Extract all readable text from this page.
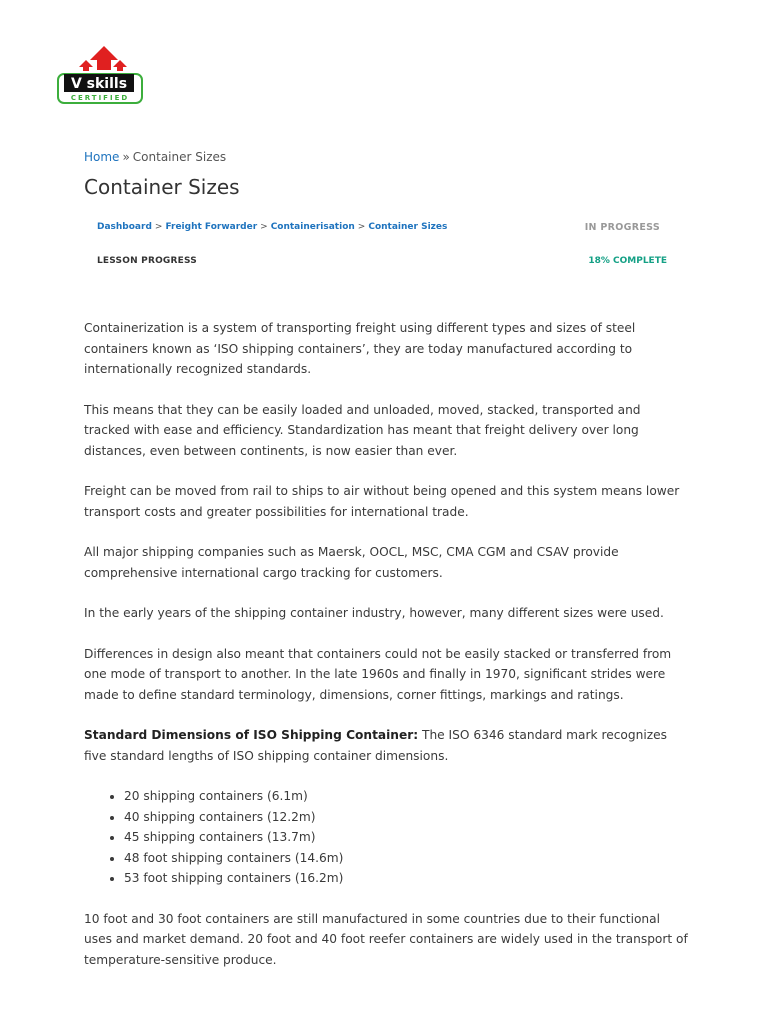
V skills
CERTIFIED
Home » Container Sizes
Container Sizes
Dashboard > Freight Forwarder > Containerisation > Container Sizes	IN PROGRESS
LESSON PROGRESS	18% COMPLETE

Containerization is a system of transporting freight using different types and sizes of steel containers known as ‘ISO shipping containers’, they are today manufactured according to internationally recognized standards.

This means that they can be easily loaded and unloaded, moved, stacked, transported and tracked with ease and efficiency. Standardization has meant that freight delivery over long distances, even between continents, is now easier than ever.

Freight can be moved from rail to ships to air without being opened and this system means lower transport costs and greater possibilities for international trade.

All major shipping companies such as Maersk, OOCL, MSC, CMA CGM and CSAV provide comprehensive international cargo tracking for customers.

In the early years of the shipping container industry, however, many different sizes were used.

Differences in design also meant that containers could not be easily stacked or transferred from one mode of transport to another. In the late 1960s and finally in 1970, significant strides were made to define standard terminology, dimensions, corner fittings, markings and ratings.

Standard Dimensions of ISO Shipping Container: The ISO 6346 standard mark recognizes five standard lengths of ISO shipping container dimensions.

• 20 shipping containers (6.1m)
• 40 shipping containers (12.2m)
• 45 shipping containers (13.7m)
• 48 foot shipping containers (14.6m)
• 53 foot shipping containers (16.2m)

10 foot and 30 foot containers are still manufactured in some countries due to their functional uses and market demand. 20 foot and 40 foot reefer containers are widely used in the transport of temperature-sensitive produce.
